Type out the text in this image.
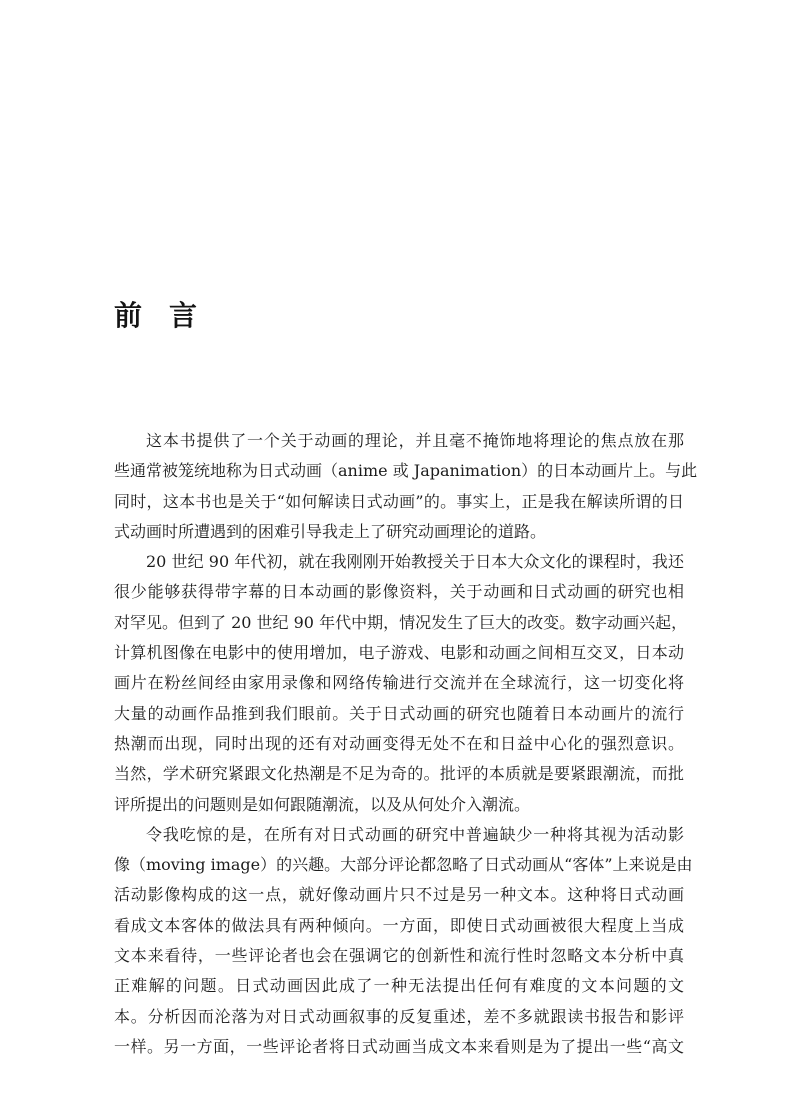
前言
这本书提供了一个关于动画的理论，并且毫不掩饰地将理论的焦点放在那
些通常被笼统地称为日式动画（anime 或 Japanimation）的日本动画片上。与此
同时，这本书也是关于“如何解读日式动画”的。事实上，正是我在解读所谓的日
式动画时所遭遇到的困难引导我走上了研究动画理论的道路。
20 世纪 90 年代初，就在我刚刚开始教授关于日本大众文化的课程时，我还
很少能够获得带字幕的日本动画的影像资料，关于动画和日式动画的研究也相
对罕见。但到了 20 世纪 90 年代中期，情况发生了巨大的改变。数字动画兴起，
计算机图像在电影中的使用增加，电子游戏、电影和动画之间相互交叉，日本动
画片在粉丝间经由家用录像和网络传输进行交流并在全球流行，这一切变化将
大量的动画作品推到我们眼前。关于日式动画的研究也随着日本动画片的流行
热潮而出现，同时出现的还有对动画变得无处不在和日益中心化的强烈意识。
当然，学术研究紧跟文化热潮是不足为奇的。批评的本质就是要紧跟潮流，而批
评所提出的问题则是如何跟随潮流，以及从何处介入潮流。
令我吃惊的是，在所有对日式动画的研究中普遍缺少一种将其视为活动影
像（moving image）的兴趣。大部分评论都忽略了日式动画从“客体”上来说是由
活动影像构成的这一点，就好像动画片只不过是另一种文本。这种将日式动画
看成文本客体的做法具有两种倾向。一方面，即使日式动画被很大程度上当成
文本来看待，一些评论者也会在强调它的创新性和流行性时忽略文本分析中真
正难解的问题。日式动画因此成了一种无法提出任何有难度的文本问题的文
本。分析因而沦落为对日式动画叙事的反复重述，差不多就跟读书报告和影评
一样。另一方面，一些评论者将日式动画当成文本来看则是为了提出一些“高文
